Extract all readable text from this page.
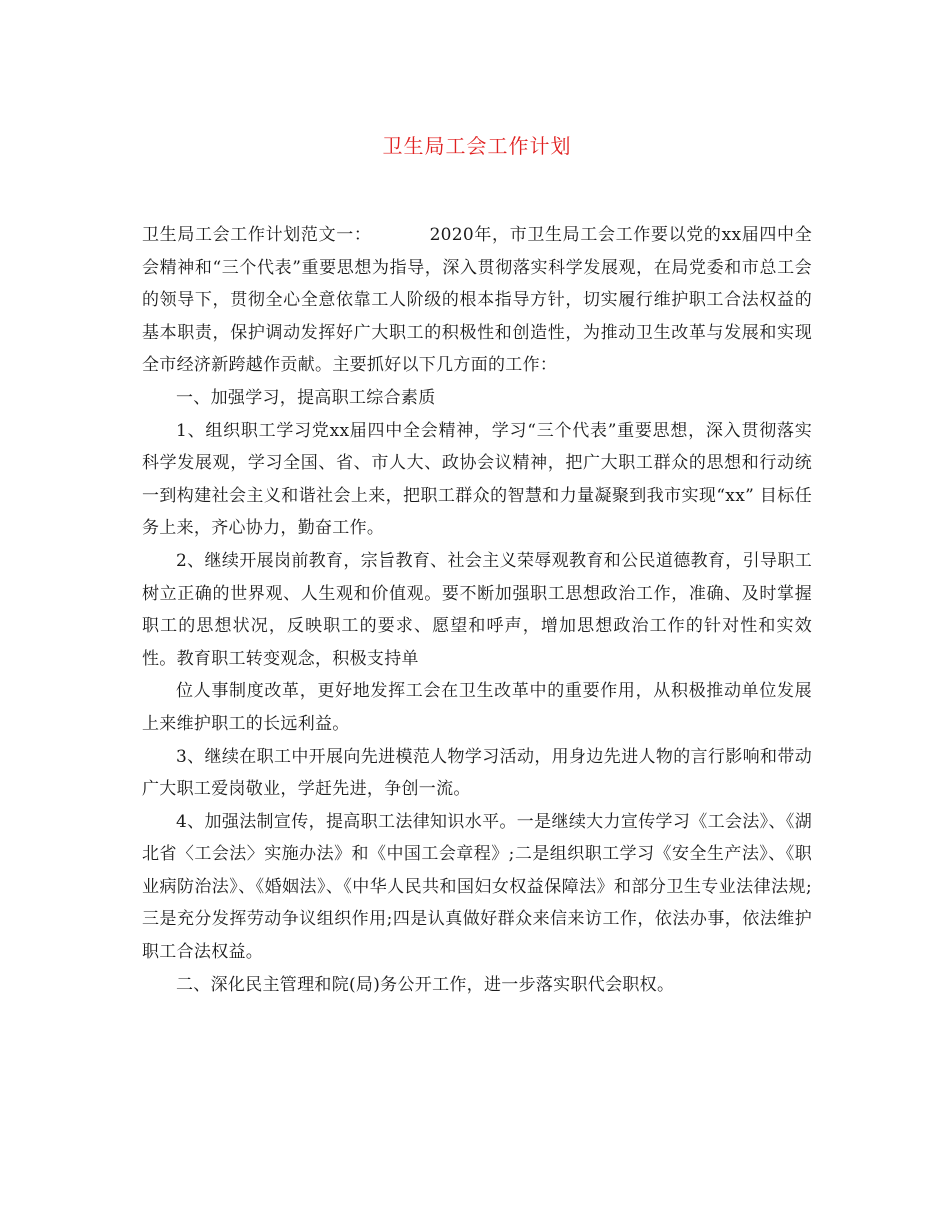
卫生局工会工作计划

卫生局工会工作计划范文一：	2020年，市卫生局工会工作要以党的xx届四中全会精神和“三个代表”重要思想为指导，深入贯彻落实科学发展观，在局党委和市总工会的领导下，贯彻全心全意依靠工人阶级的根本指导方针，切实履行维护职工合法权益的基本职责，保护调动发挥好广大职工的积极性和创造性，为推动卫生改革与发展和实现全市经济新跨越作贡献。主要抓好以下几方面的工作：

一、加强学习，提高职工综合素质

1、组织职工学习党xx届四中全会精神，学习“三个代表”重要思想，深入贯彻落实科学发展观，学习全国、省、市人大、政协会议精神，把广大职工群众的思想和行动统一到构建社会主义和谐社会上来，把职工群众的智慧和力量凝聚到我市实现“xx” 目标任务上来，齐心协力，勤奋工作。

2、继续开展岗前教育，宗旨教育、社会主义荣辱观教育和公民道德教育，引导职工树立正确的世界观、人生观和价值观。要不断加强职工思想政治工作，准确、及时掌握职工的思想状况，反映职工的要求、愿望和呼声，增加思想政治工作的针对性和实效性。教育职工转变观念，积极支持单

位人事制度改革，更好地发挥工会在卫生改革中的重要作用，从积极推动单位发展上来维护职工的长远利益。

3、继续在职工中开展向先进模范人物学习活动，用身边先进人物的言行影响和带动广大职工爱岗敬业，学赶先进，争创一流。

4、加强法制宣传，提高职工法律知识水平。一是继续大力宣传学习《工会法》、《湖北省〈工会法〉实施办法》和《中国工会章程》;二是组织职工学习《安全生产法》、《职业病防治法》、《婚姻法》、《中华人民共和国妇女权益保障法》和部分卫生专业法律法规;三是充分发挥劳动争议组织作用;四是认真做好群众来信来访工作，依法办事，依法维护职工合法权益。

二、深化民主管理和院(局)务公开工作，进一步落实职代会职权。
